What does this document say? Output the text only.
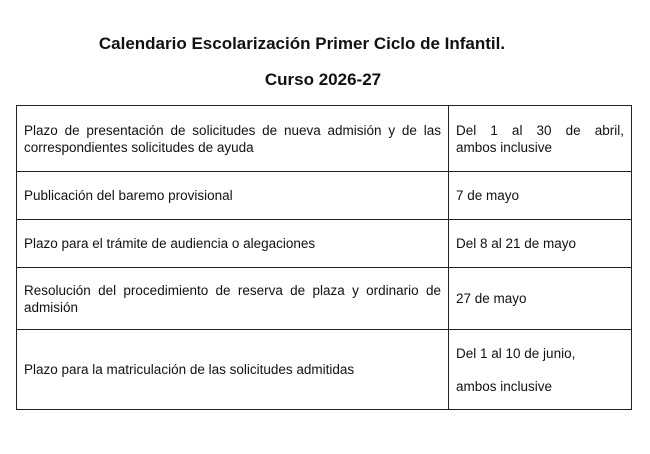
Calendario Escolarización Primer Ciclo de Infantil.
Curso 2026-27
Plazo de presentación de solicitudes de nueva admisión y de las correspondientes solicitudes de ayuda	Del 1 al 30 de abril,
ambos inclusive

Publicación del baremo provisional	7 de mayo

Plazo para el trámite de audiencia o alegaciones	Del 8 al 21 de mayo

Resolución del procedimiento de reserva de plaza y ordinario de admisión	27 de mayo

Plazo para la matriculación de las solicitudes admitidas	Del 1 al 10 de junio,
ambos inclusive
